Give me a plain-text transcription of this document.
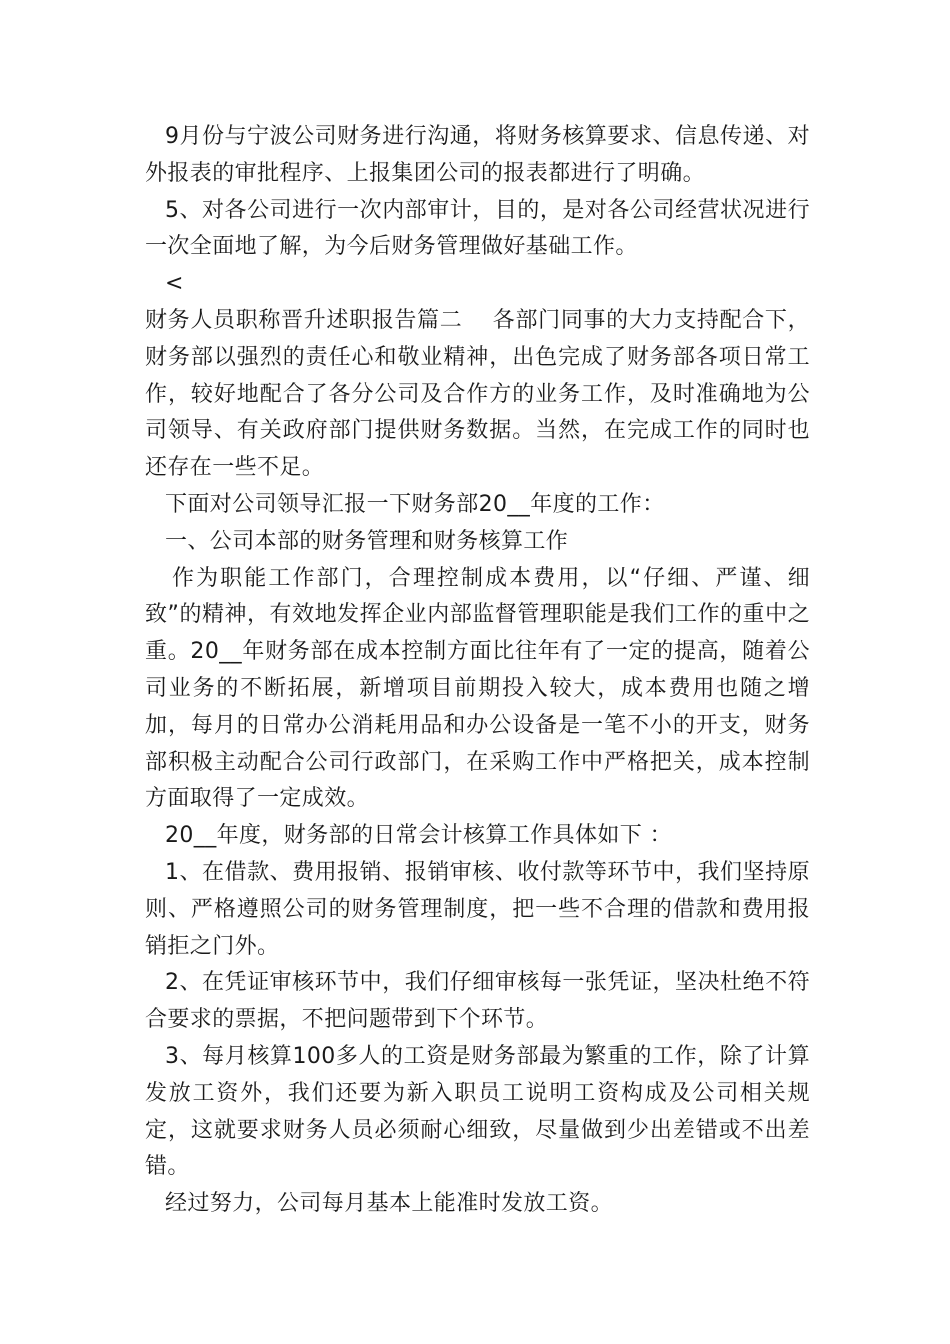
9月份与宁波公司财务进行沟通，将财务核算要求、信息传递、对外报表的审批程序、上报集团公司的报表都进行了明确。

5、对各公司进行一次内部审计，目的，是对各公司经营状况进行一次全面地了解，为今后财务管理做好基础工作。

<

财务人员职称晋升述职报告篇二　 各部门同事的大力支持配合下，财务部以强烈的责任心和敬业精神，出色完成了财务部各项日常工作，较好地配合了各分公司及合作方的业务工作，及时准确地为公司领导、有关政府部门提供财务数据。当然，在完成工作的同时也还存在一些不足。

下面对公司领导汇报一下财务部20__年度的工作：

一、公司本部的财务管理和财务核算工作

作为职能工作部门，合理控制成本费用，以“仔细、严谨、细致”的精神，有效地发挥企业内部监督管理职能是我们工作的重中之重。20__年财务部在成本控制方面比往年有了一定的提高，随着公司业务的不断拓展，新增项目前期投入较大，成本费用也随之增加，每月的日常办公消耗用品和办公设备是一笔不小的开支，财务部积极主动配合公司行政部门，在采购工作中严格把关，成本控制方面取得了一定成效。

20__年度，财务部的日常会计核算工作具体如下 ：

1、在借款、费用报销、报销审核、收付款等环节中，我们坚持原则、严格遵照公司的财务管理制度，把一些不合理的借款和费用报销拒之门外。

2、在凭证审核环节中，我们仔细审核每一张凭证，坚决杜绝不符合要求的票据，不把问题带到下个环节。

3、每月核算100多人的工资是财务部最为繁重的工作，除了计算发放工资外，我们还要为新入职员工说明工资构成及公司相关规定，这就要求财务人员必须耐心细致，尽量做到少出差错或不出差错。

经过努力，公司每月基本上能准时发放工资。
